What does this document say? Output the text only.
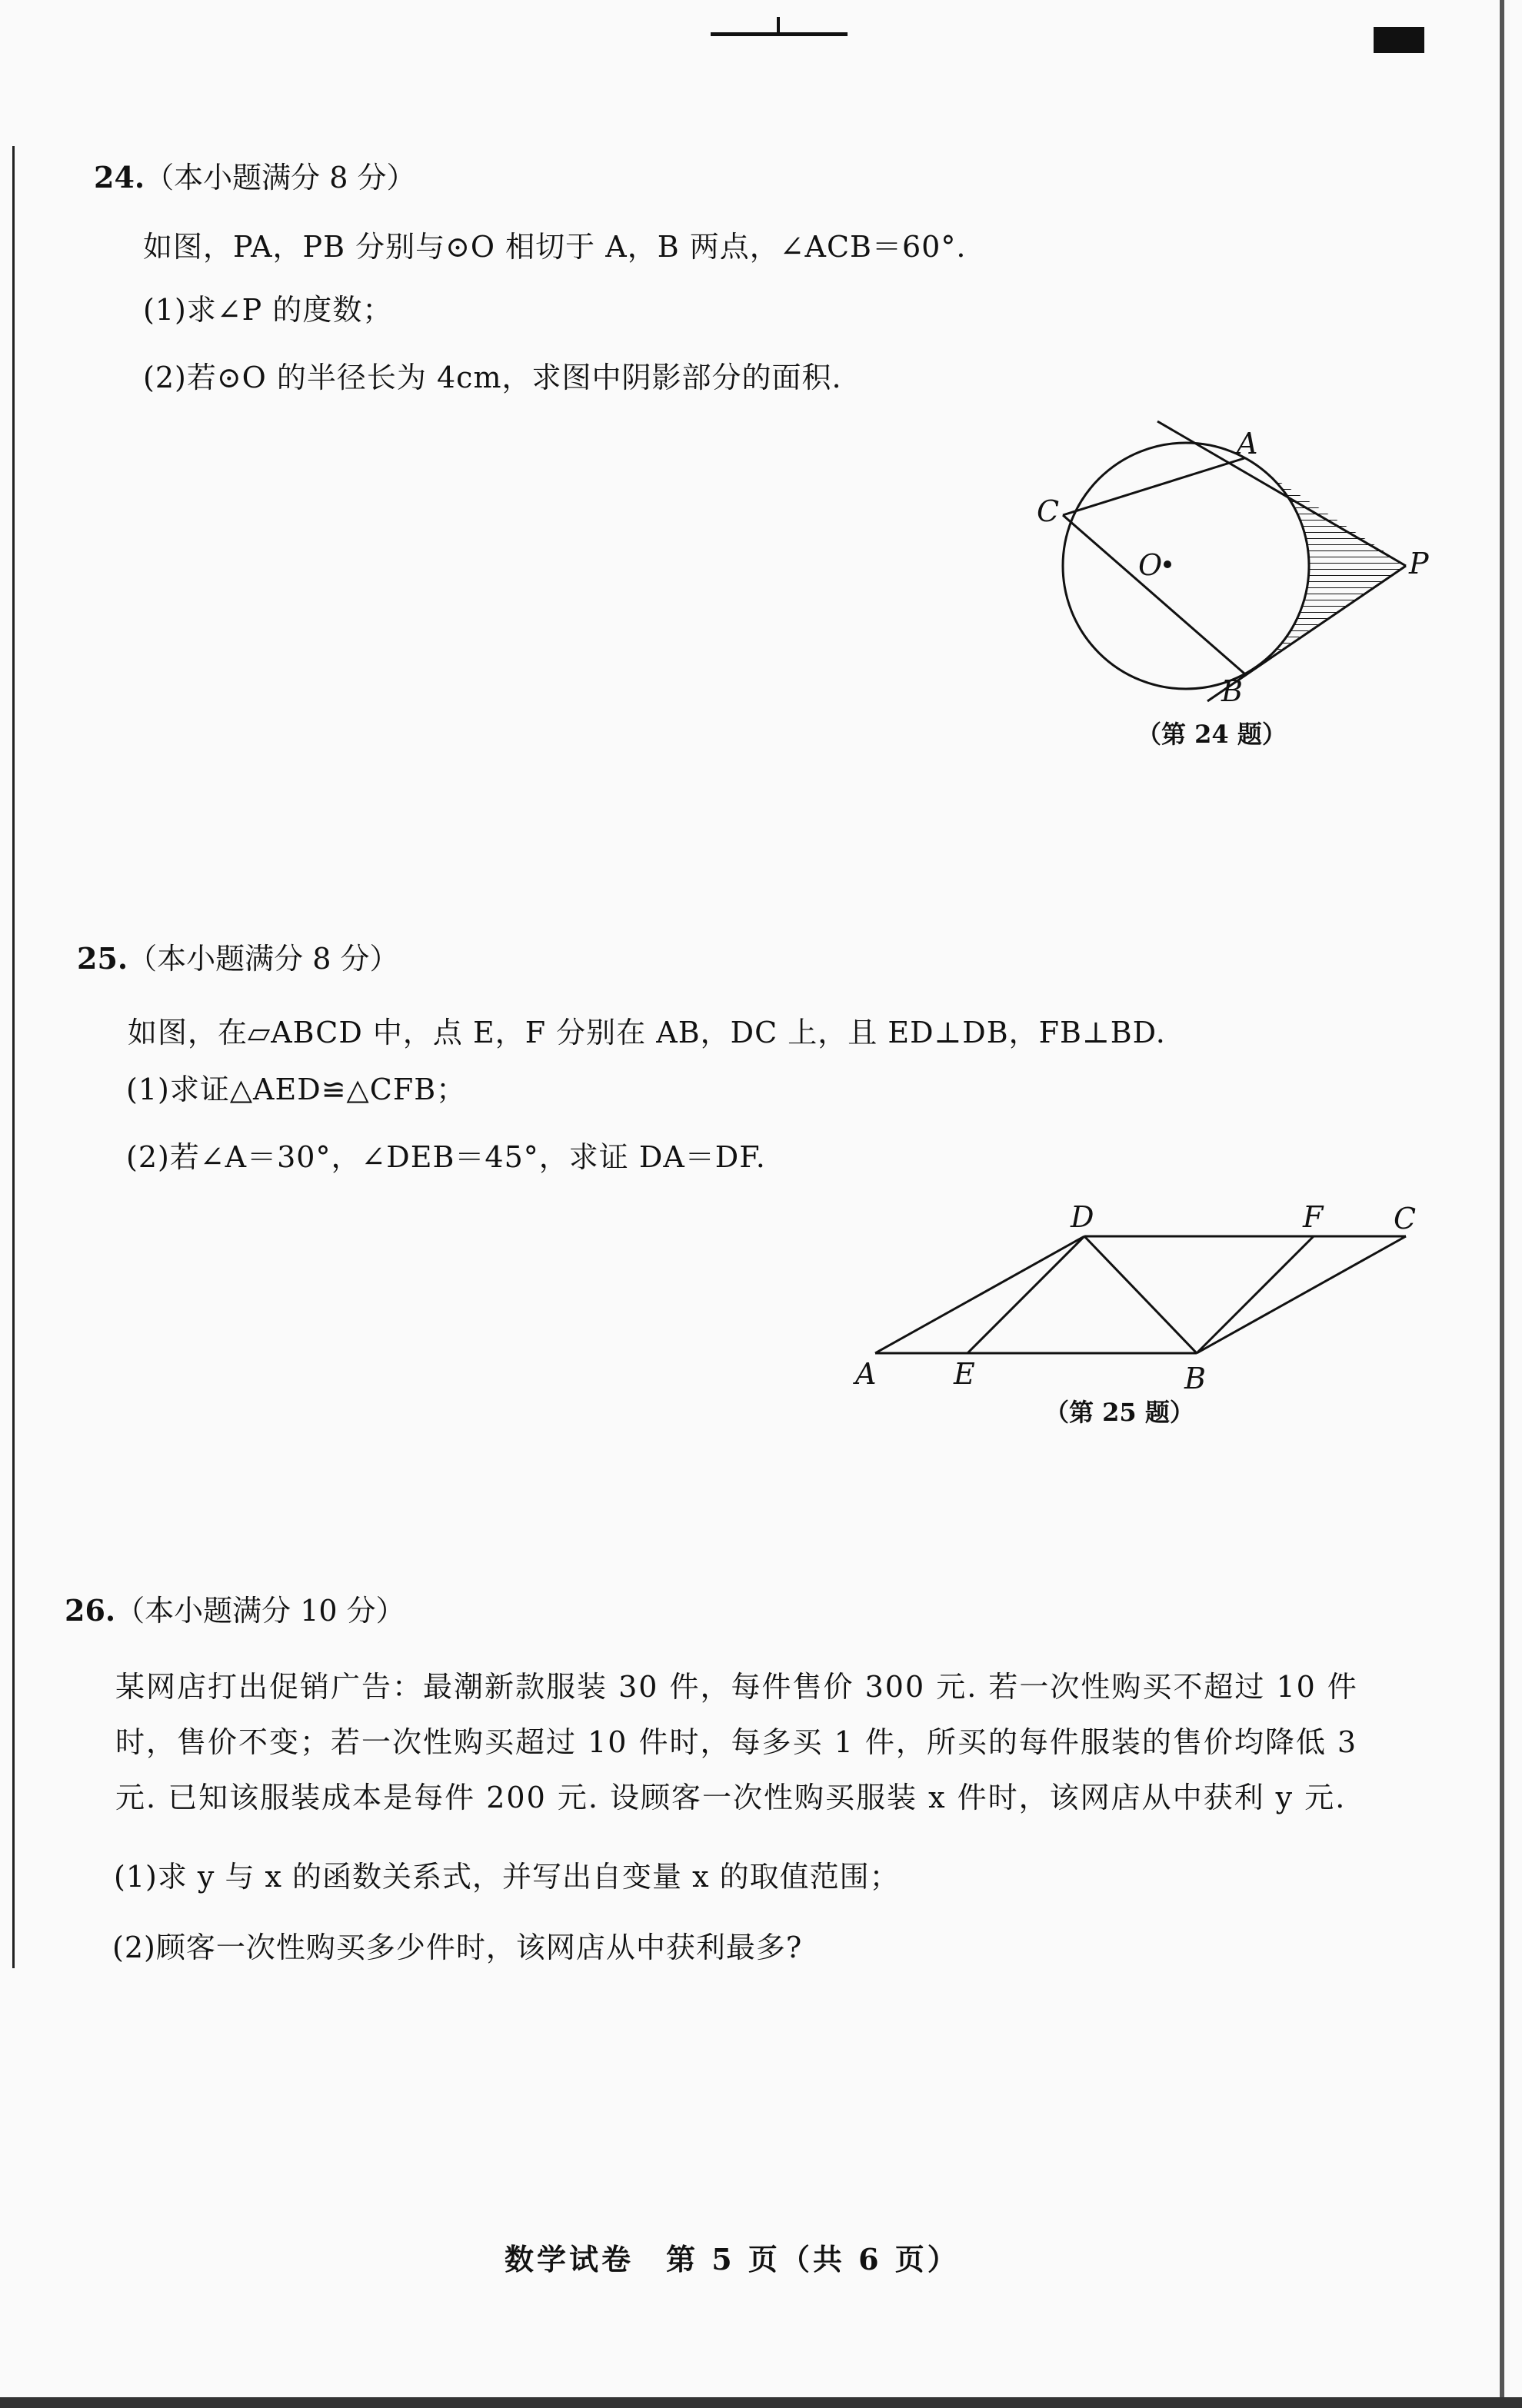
24.（本小题满分 8 分）
如图，PA，PB 分别与⊙O 相切于 A，B 两点，∠ACB＝60°.
(1)求∠P 的度数；
(2)若⊙O 的半径长为 4cm，求图中阴影部分的面积.
A
C
O	P
B
（第 24 题）
25.（本小题满分 8 分）
如图，在▱ABCD 中，点 E，F 分别在 AB，DC 上，且 ED⊥DB，FB⊥BD.
(1)求证△AED≌△CFB；
(2)若∠A＝30°，∠DEB＝45°，求证 DA＝DF.
D	F C
A	E	B
（第 25 题）
26.（本小题满分 10 分）
某网店打出促销广告：最潮新款服装 30 件，每件售价 300 元. 若一次性购买不超过 10 件时，售价不变；若一次性购买超过 10 件时，每多买 1 件，所买的每件服装的售价均降低 3 元. 已知该服装成本是每件 200 元. 设顾客一次性购买服装 x 件时，该网店从中获利 y 元.
(1)求 y 与 x 的函数关系式，并写出自变量 x 的取值范围；
(2)顾客一次性购买多少件时，该网店从中获利最多?
数学试卷　第 5 页（共 6 页）
